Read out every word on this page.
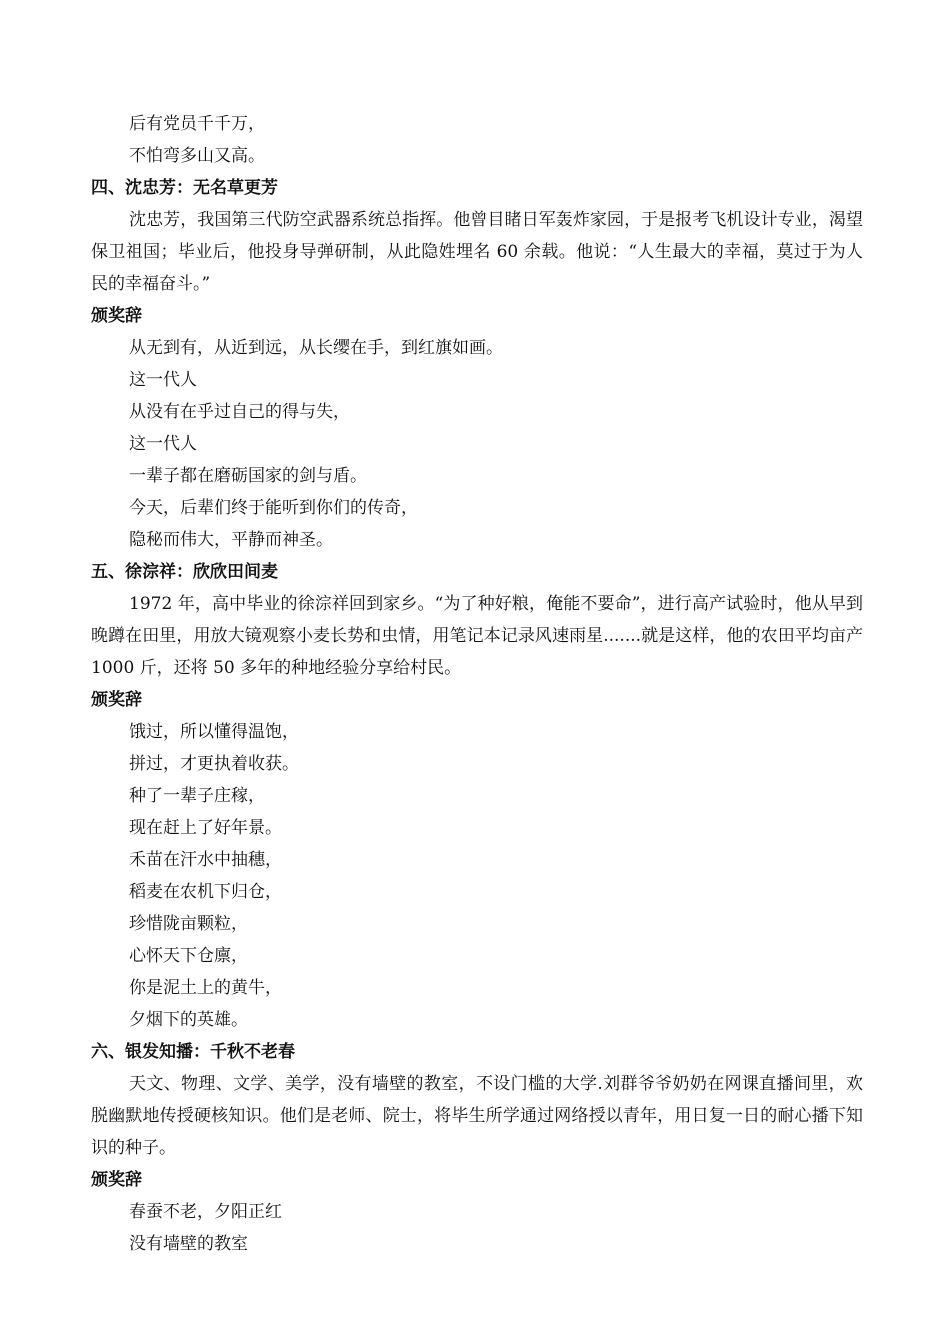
后有党员千千万，
不怕弯多山又高。
四、沈忠芳：无名草更芳
沈忠芳，我国第三代防空武器系统总指挥。他曾目睹日军轰炸家园，于是报考飞机设计专业，渴望保卫祖国；毕业后，他投身导弹研制，从此隐姓埋名 60 余载。他说：“人生最大的幸福，莫过于为人民的幸福奋斗。”
颁奖辞
从无到有，从近到远，从长缨在手，到红旗如画。
这一代人
从没有在乎过自己的得与失，
这一代人
一辈子都在磨砺国家的剑与盾。
今天，后辈们终于能听到你们的传奇，
隐秘而伟大，平静而神圣。
五、徐淙祥：欣欣田间麦
1972 年，高中毕业的徐淙祥回到家乡。“为了种好粮，俺能不要命”，进行高产试验时，他从早到晚蹲在田里，用放大镜观察小麦长势和虫情，用笔记本记录风速雨星.......就是这样，他的农田平均亩产 1000 斤，还将 50 多年的种地经验分享给村民。
颁奖辞
饿过，所以懂得温饱，
拼过，才更执着收获。
种了一辈子庄稼，
现在赶上了好年景。
禾苗在汗水中抽穗，
稻麦在农机下归仓，
珍惜陇亩颗粒，
心怀天下仓廪，
你是泥土上的黄牛，
夕烟下的英雄。
六、银发知播：千秋不老春
天文、物理、文学、美学，没有墙壁的教室，不设门槛的大学.刘群爷爷奶奶在网课直播间里，欢脱幽默地传授硬核知识。他们是老师、院士，将毕生所学通过网络授以青年，用日复一日的耐心播下知识的种子。
颁奖辞
春蚕不老，夕阳正红
没有墙壁的教室
